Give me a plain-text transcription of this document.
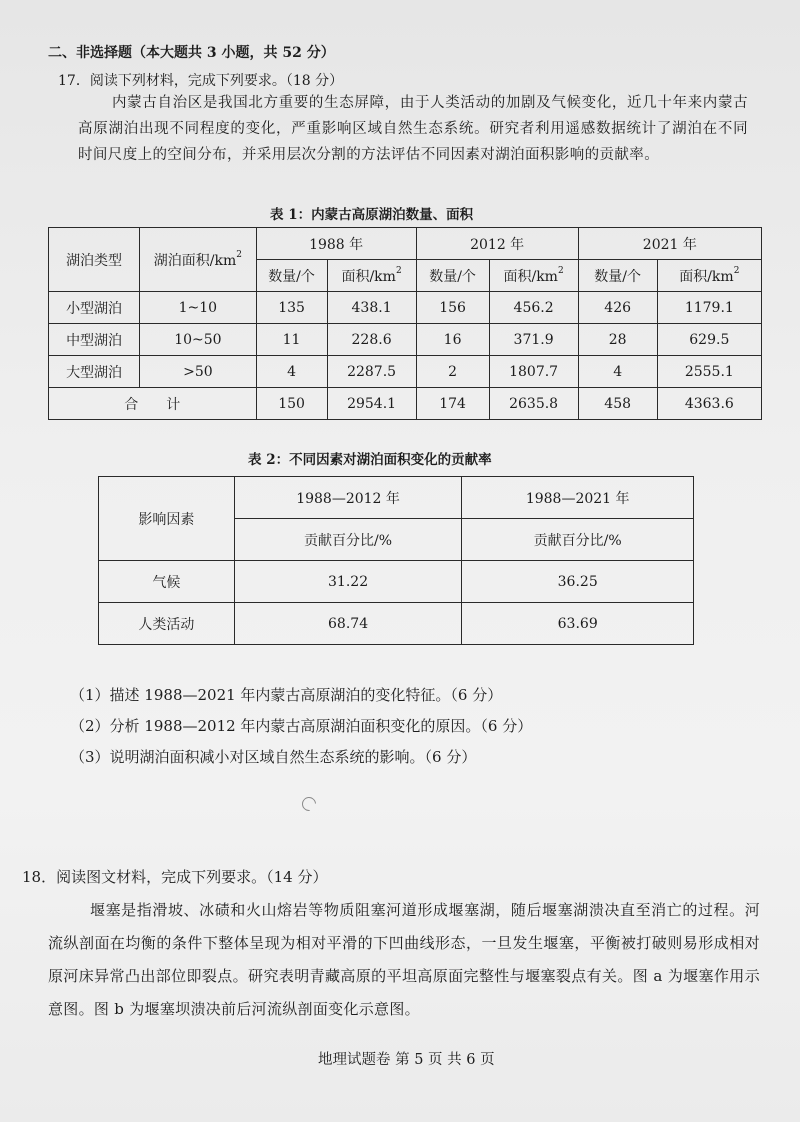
二、非选择题（本大题共 3 小题，共 52 分）
17．阅读下列材料，完成下列要求。（18 分）
内蒙古自治区是我国北方重要的生态屏障，由于人类活动的加剧及气候变化，近几十年来内蒙古高原湖泊出现不同程度的变化，严重影响区域自然生态系统。研究者利用遥感数据统计了湖泊在不同时间尺度上的空间分布，并采用层次分割的方法评估不同因素对湖泊面积影响的贡献率。
表 1：内蒙古高原湖泊数量、面积
湖泊类型	湖泊面积$/km^2$	1988 年		2012 年		2021 年	
		数量/个	面积$/km^2$	数量/个	面积$/km^2$	数量/个	面积$/km^2$
小型湖泊	1~10	135	438.1	156	456.2	426	1179.1
中型湖泊	10~50	11	228.6	16	371.9	28	629.5
大型湖泊	>50	4	2287.5	2	1807.7	4	2555.1
合　　计		150	2954.1	174	2635.8	458	4363.6
表 2：不同因素对湖泊面积变化的贡献率
影响因素	1988—2012 年	1988—2021 年
	贡献百分比/%	贡献百分比/%
气候	31.22	36.25
人类活动	68.74	63.69
（1）描述 1988—2021 年内蒙古高原湖泊的变化特征。（6 分）
（2）分析 1988—2012 年内蒙古高原湖泊面积变化的原因。（6 分）
（3）说明湖泊面积减小对区域自然生态系统的影响。（6 分）
18．阅读图文材料，完成下列要求。（14 分）
堰塞是指滑坡、冰碛和火山熔岩等物质阻塞河道形成堰塞湖，随后堰塞湖溃决直至消亡的过程。河流纵剖面在均衡的条件下整体呈现为相对平滑的下凹曲线形态，一旦发生堰塞，平衡被打破则易形成相对原河床异常凸出部位即裂点。研究表明青藏高原的平坦高原面完整性与堰塞裂点有关。图 a 为堰塞作用示意图。图 b 为堰塞坝溃决前后河流纵剖面变化示意图。
地理试题卷 第 5 页 共 6 页
